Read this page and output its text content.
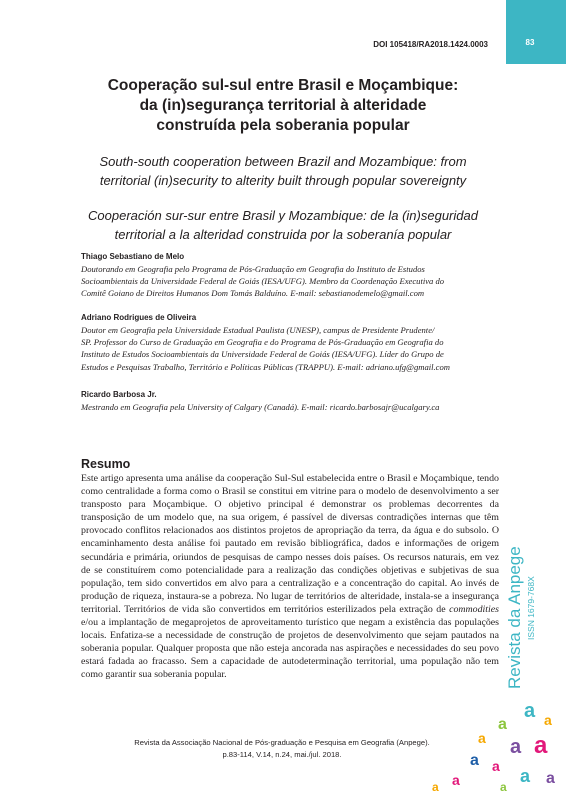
83
DOI 105418/RA2018.1424.0003
Cooperação sul-sul entre Brasil e Moçambique:
da (in)segurança territorial à alteridade
construída pela soberania popular
South-south cooperation between Brazil and Mozambique: from
territorial (in)security to alterity built through popular sovereignty
Cooperación sur-sur entre Brasil y Mozambique: de la (in)seguridad
territorial a la alteridad construida por la soberanía popular
Thiago Sebastiano de Melo
Doutorando em Geografia pelo Programa de Pós-Graduação em Geografia do Instituto de Estudos
Socioambientais da Universidade Federal de Goiás (IESA/UFG). Membro da Coordenação Executiva do
Comitê Goiano de Direitos Humanos Dom Tomás Balduíno. E-mail: sebastianodemelo@gmail.com
Adriano Rodrigues de Oliveira
Doutor em Geografia pela Universidade Estadual Paulista (UNESP), campus de Presidente Prudente/
SP. Professor do Curso de Graduação em Geografia e do Programa de Pós-Graduação em Geografia do
Instituto de Estudos Socioambientais da Universidade Federal de Goiás (IESA/UFG). Líder do Grupo de
Estudos e Pesquisas Trabalho, Território e Políticas Públicas (TRAPPU). E-mail: adriano.ufg@gmail.com
Ricardo Barbosa Jr.
Mestrando em Geografia pela University of Calgary (Canadá). E-mail: ricardo.barbosajr@ucalgary.ca
Resumo
Este artigo apresenta uma análise da cooperação Sul-Sul estabelecida entre o Brasil e Moçambique, tendo como centralidade a forma como o Brasil se constitui em vitrine para o modelo de desenvolvimento a ser transposto para Moçambique. O objetivo principal é demonstrar os problemas decorrentes da transposição de um modelo que, na sua origem, é passível de diversas contradições internas que têm provocado conflitos relacionados aos distintos projetos de apropriação da terra, da água e do subsolo. O encaminhamento desta análise foi pautado em revisão bibliográfica, dados e informações de origem secundária e primária, oriundos de pesquisas de campo nesses dois países. Os recursos naturais, em vez de se constituírem como potencialidade para a realização das condições objetivas e subjetivas de sua população, tem sido convertidos em alvo para a centralização e a concentração do capital. Ao invés de produção de riqueza, instaura-se a pobreza. No lugar de territórios de alteridade, instala-se a insegurança territorial. Territórios de vida são convertidos em territórios esterilizados pela extração de commodities e/ou a implantação de megaprojetos de aproveitamento turístico que negam a existência das populações locais. Enfatiza-se a necessidade de construção de projetos de desenvolvimento que sejam pautados na soberania popular. Qualquer proposta que não esteja ancorada nas aspirações e necessidades do seu povo estará fadada ao fracasso. Sem a capacidade de autodeterminação territorial, uma população não tem como garantir sua soberania popular.
Revista da Associação Nacional de Pós-graduação e Pesquisa em Geografia (Anpege).
p.83-114, V.14, n.24, mai./jul. 2018.
Revista da Anpege ISSN 1679-768X
a a
a
a a a
a a a a
a
a	a
